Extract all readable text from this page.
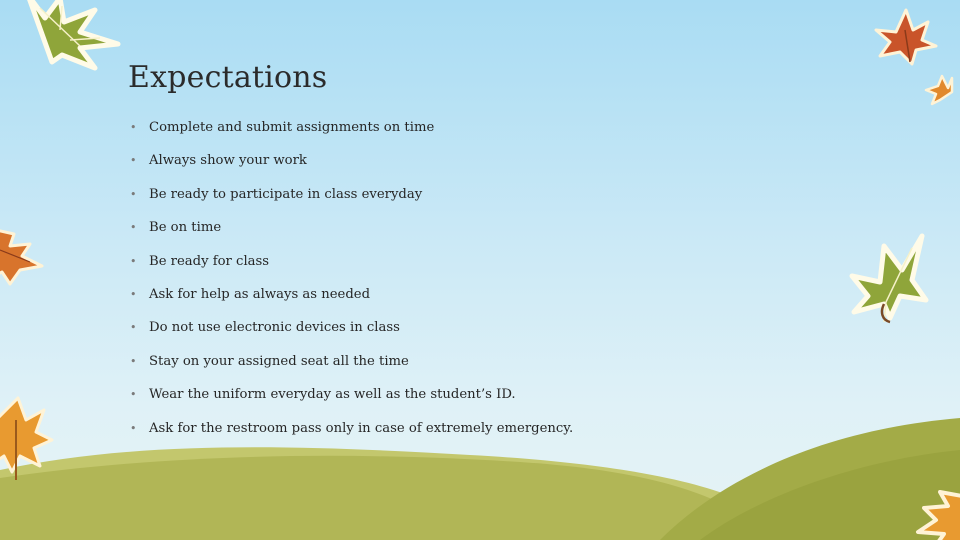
Expectations
• Complete and submit assignments on time
• Always show your work
• Be ready to participate in class everyday
• Be on time
• Be ready for class
• Ask for help as always as needed
• Do not use electronic devices in class
• Stay on your assigned seat all the time
• Wear the uniform everyday as well as the student’s ID.
• Ask for the restroom pass only in case of extremely emergency.
